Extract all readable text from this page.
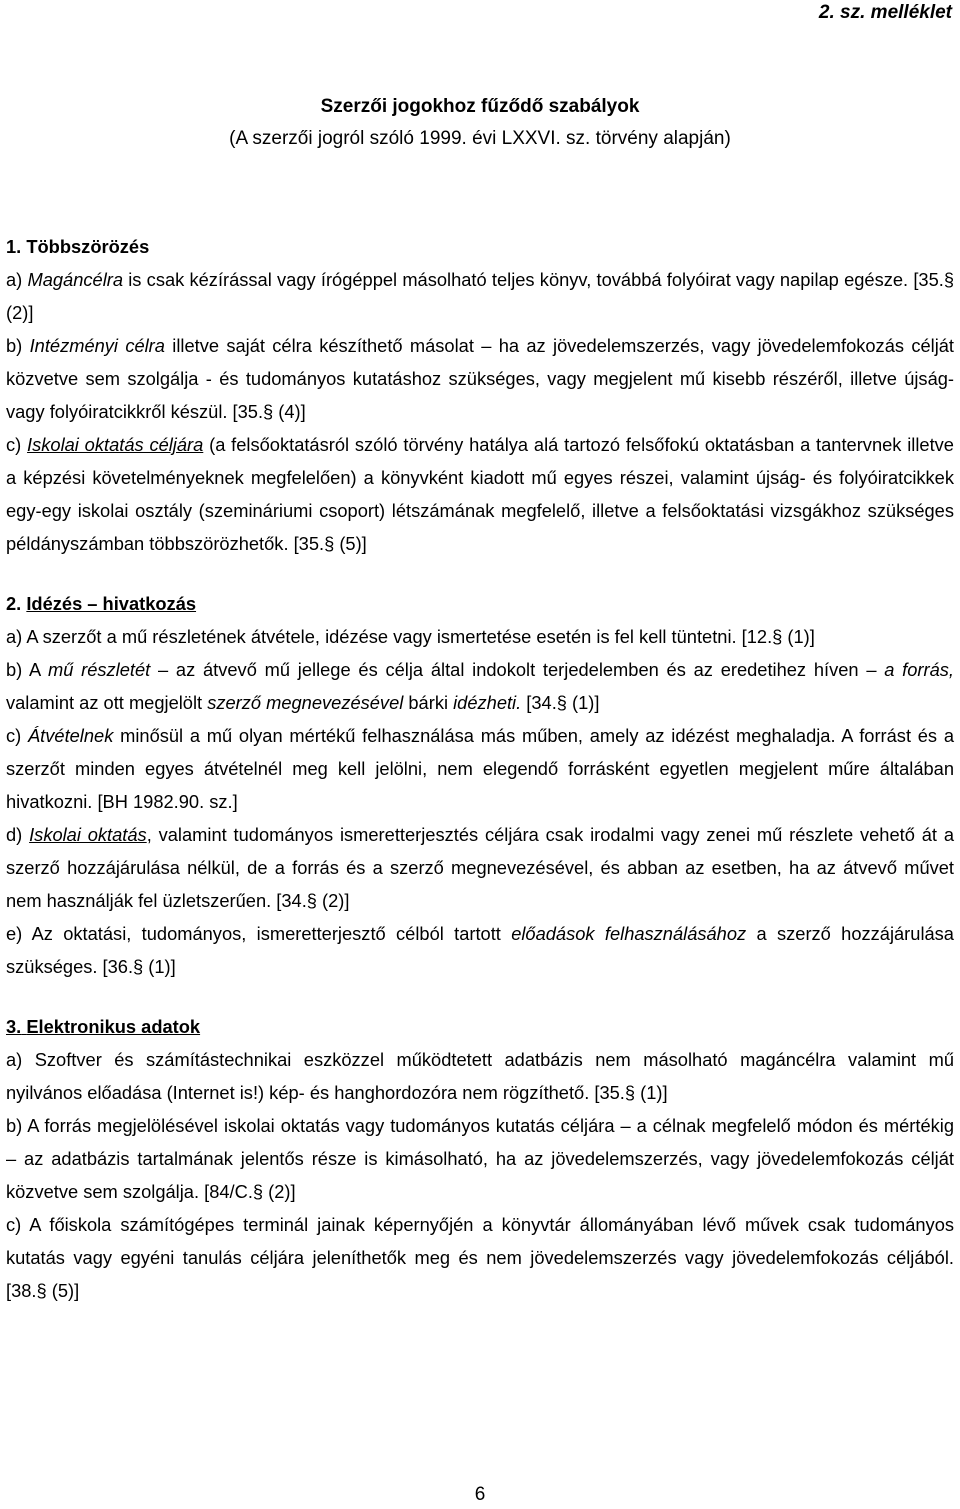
2. sz. melléklet
Szerzői jogokhoz fűződő szabályok
(A szerzői jogról szóló 1999. évi LXXVI. sz. törvény alapján)
1. Többszörözés

a) Magáncélra is csak kézírással vagy írógéppel másolható teljes könyv, továbbá folyóirat vagy napilap egésze. [35.§ (2)]

b) Intézményi célra illetve saját célra készíthető másolat – ha az jövedelemszerzés, vagy jövedelemfokozás célját közvetve sem szolgálja - és tudományos kutatáshoz szükséges, vagy megjelent mű kisebb részéről, illetve újság- vagy folyóiratcikkről készül. [35.§ (4)]

c) Iskolai oktatás céljára (a felsőoktatásról szóló törvény hatálya alá tartozó felsőfokú oktatásban a tantervnek illetve a képzési követelményeknek megfelelően) a könyvként kiadott mű egyes részei, valamint újság- és folyóiratcikkek egy-egy iskolai osztály (szemináriumi csoport) létszámának megfelelő, illetve a felsőoktatási vizsgákhoz szükséges példányszámban többszörözhetők. [35.§ (5)]

2. Idézés – hivatkozás

a) A szerzőt a mű részletének átvétele, idézése vagy ismertetése esetén is fel kell tüntetni. [12.§ (1)]

b) A mű részletét – az átvevő mű jellege és célja által indokolt terjedelemben és az eredetihez híven – a forrás, valamint az ott megjelölt szerző megnevezésével bárki idézheti. [34.§ (1)]

c) Átvételnek minősül a mű olyan mértékű felhasználása más műben, amely az idézést meghaladja. A forrást és a szerzőt minden egyes átvételnél meg kell jelölni, nem elegendő forrásként egyetlen megjelent műre általában hivatkozni. [BH 1982.90. sz.]

d) Iskolai oktatás, valamint tudományos ismeretterjesztés céljára csak irodalmi vagy zenei mű részlete vehető át a szerző hozzájárulása nélkül, de a forrás és a szerző megnevezésével, és abban az esetben, ha az átvevő művet nem használják fel üzletszerűen. [34.§ (2)]

e) Az oktatási, tudományos, ismeretterjesztő célból tartott előadások felhasználásához a szerző hozzájárulása szükséges. [36.§ (1)]

3. Elektronikus adatok

a) Szoftver és számítástechnikai eszközzel működtetett adatbázis nem másolható magáncélra valamint mű nyilvános előadása (Internet is!) kép- és hanghordozóra nem rögzíthető. [35.§ (1)]

b) A forrás megjelölésével iskolai oktatás vagy tudományos kutatás céljára – a célnak megfelelő módon és mértékig – az adatbázis tartalmának jelentős része is kimásolható, ha az jövedelemszerzés, vagy jövedelemfokozás célját közvetve sem szolgálja. [84/C.§ (2)]

c) A főiskola számítógépes terminál jainak képernyőjén a könyvtár állományában lévő művek csak tudományos kutatás vagy egyéni tanulás céljára jeleníthetők meg és nem jövedelemszerzés vagy jövedelemfokozás céljából. [38.§ (5)]

6
